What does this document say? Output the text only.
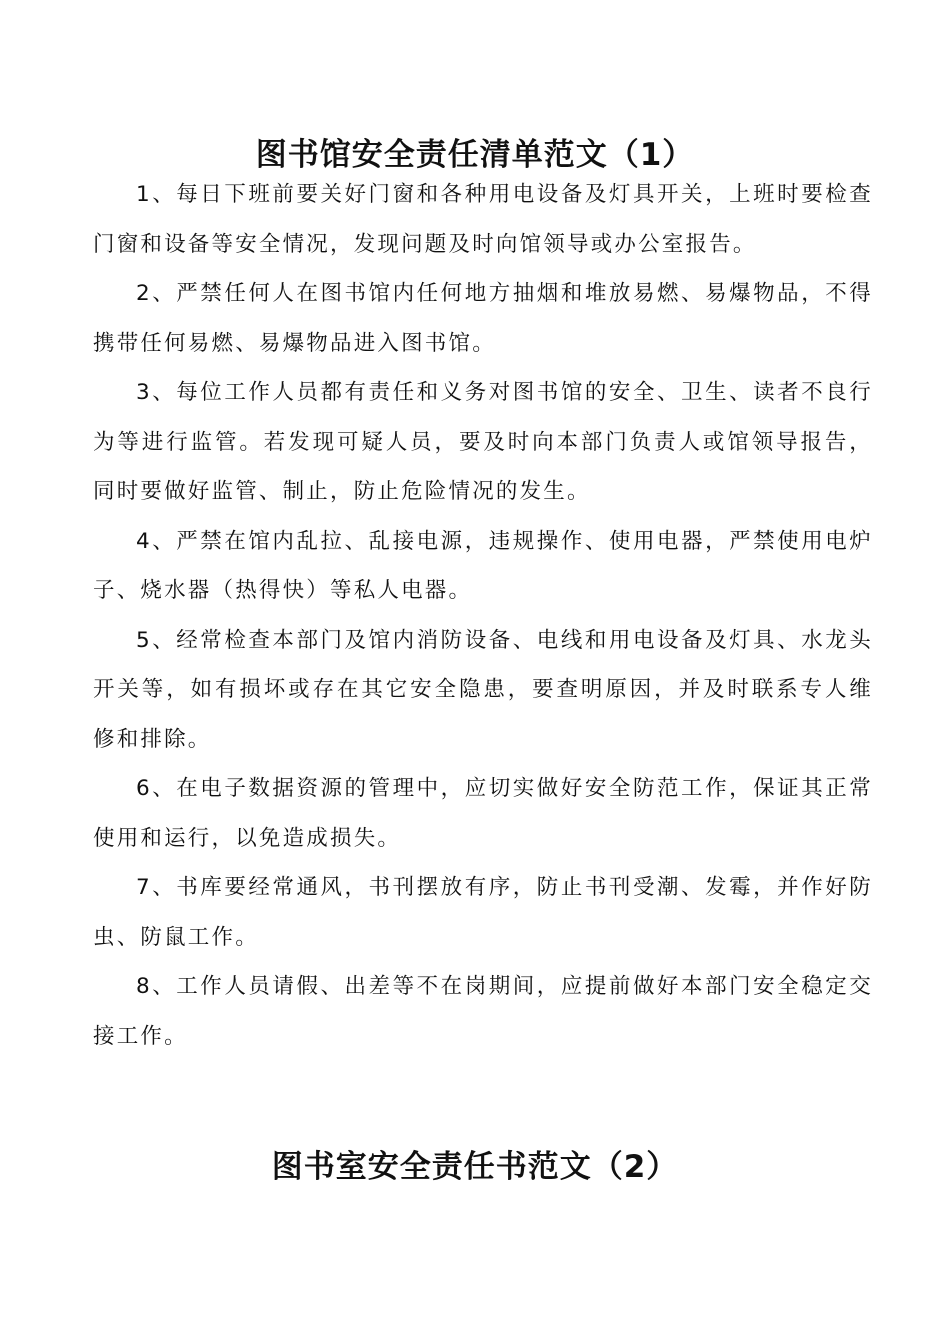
图书馆安全责任清单范文（1）

1、每日下班前要关好门窗和各种用电设备及灯具开关，上班时要检查门窗和设备等安全情况，发现问题及时向馆领导或办公室报告。

2、严禁任何人在图书馆内任何地方抽烟和堆放易燃、易爆物品，不得携带任何易燃、易爆物品进入图书馆。

3、每位工作人员都有责任和义务对图书馆的安全、卫生、读者不良行为等进行监管。若发现可疑人员，要及时向本部门负责人或馆领导报告，同时要做好监管、制止，防止危险情况的发生。

4、严禁在馆内乱拉、乱接电源，违规操作、使用电器，严禁使用电炉子、烧水器（热得快）等私人电器。

5、经常检查本部门及馆内消防设备、电线和用电设备及灯具、水龙头开关等，如有损坏或存在其它安全隐患，要查明原因，并及时联系专人维修和排除。

6、在电子数据资源的管理中，应切实做好安全防范工作，保证其正常使用和运行，以免造成损失。

7、书库要经常通风，书刊摆放有序，防止书刊受潮、发霉，并作好防虫、防鼠工作。

8、工作人员请假、出差等不在岗期间，应提前做好本部门安全稳定交接工作。

图书室安全责任书范文（2）
